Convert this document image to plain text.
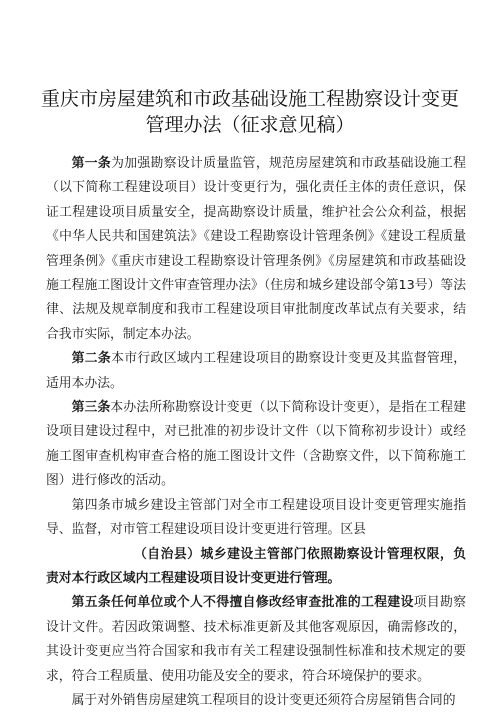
重庆市房屋建筑和市政基础设施工程勘察设计变更管理办法（征求意见稿）

第一条为加强勘察设计质量监管，规范房屋建筑和市政基础设施工程（以下简称工程建设项目）设计变更行为，强化责任主体的责任意识，保证工程建设项目质量安全，提高勘察设计质量，维护社会公众利益，根据《中华人民共和国建筑法》《建设工程勘察设计管理条例》《建设工程质量管理条例》《重庆市建设工程勘察设计管理条例》《房屋建筑和市政基础设施工程施工图设计文件审查管理办法》（住房和城乡建设部令第13号）等法律、法规及规章制度和我市工程建设项目审批制度改革试点有关要求，结合我市实际，制定本办法。

第二条本市行政区域内工程建设项目的勘察设计变更及其监督管理，适用本办法。

第三条本办法所称勘察设计变更（以下简称设计变更），是指在工程建设项目建设过程中，对已批准的初步设计文件（以下简称初步设计）或经施工图审查机构审查合格的施工图设计文件（含勘察文件，以下简称施工图）进行修改的活动。

第四条市城乡建设主管部门对全市工程建设项目设计变更管理实施指导、监督，对市管工程建设项目设计变更进行管理。区县

（自治县）城乡建设主管部门依照勘察设计管理权限，负责对本行政区域内工程建设项目设计变更进行管理。

第五条任何单位或个人不得擅自修改经审查批准的工程建设项目勘察设计文件。若因政策调整、技术标准更新及其他客观原因，确需修改的，其设计变更应当符合国家和我市有关工程建设强制性标准和技术规定的要求，符合工程质量、使用功能及安全的要求，符合环境保护的要求。

属于对外销售房屋建筑工程项目的设计变更还须符合房屋销售合同的
